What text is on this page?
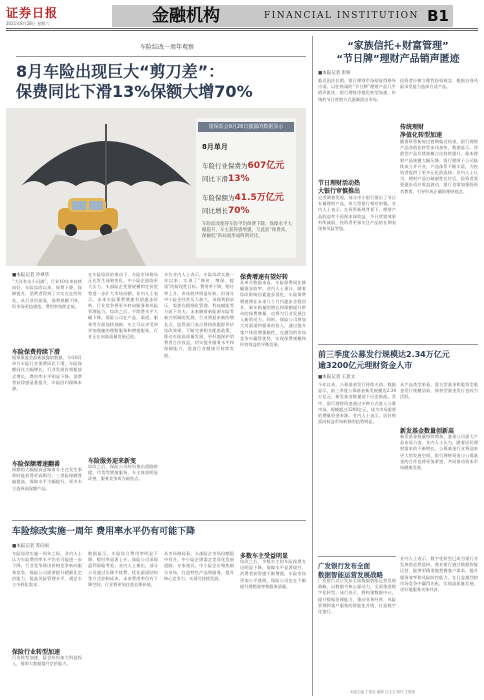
证券日报
2021年8月28日 星期六	金融机构	FINANCIAL INSTITUTION B1
车险综改一周年观察
8月车险出现巨大“剪刀差”：
保费同比下滑13%保额大增70%
银保监会9月26日披露的数据显示
8月单月
车险行业保费为607亿元
同比下滑13%
车险保额为41.5万亿元
同比增长70%
车险综改使得车险平均保费下降，保障水平大幅提升，车主获得感增强，与此前“保费高、保额低”的局面形成鲜明对比。
■本报记者 冷翠华
“大河有水小河满”。行业10年来持续向好，车险综改以来，保费下降、保障提升，消费者得到了实实在在的好处。从行业层面看，保费规模下降，但市场更趋规范，费用率持续走低。
车险保费持续下滑
据银保监会最新披露的数据，今年8月单月车险行业保费同比下滑，车险保额同比大幅增长。行业发展告别粗放式增长，费用率水平明显下降，消费者获得感显著提升，车险回归保障本源。
车险保额增速翻番
保额的大幅提高意味着车主在发生事故时能获得更高赔付。三者险保额普遍提高，保障水平大幅提升，更多车主选择高保额产品。
在车险综改的推动下，车险市场格局正在发生深刻变化。中小险企面临更大压力，头部险企凭借规模和定价优势进一步扩大市场份额。业内人士表示，未来车险保费增速有望逐步好转，行业竞争将更多转向服务和风险管理能力。综改之后，手续费水平大幅下降，保险公司在产品、渠道、服务等方面加快创新，车主可以享受到更加便捷的理赔服务和增值服务，行业正在向高质量发展迈进。
车险服务迎来新变
综改之后，保险公司纷纷推出道路救援、代驾等增值服务，车主体验明显改善，服务竞争成为新焦点。
多位业内人士表示，车险综改实施一年以来，实现了“降价、增保、提质”的阶段性目标。费用率下降，赔付率上升，市场秩序明显好转。但部分中小险企经营压力加大，承保利润承压，需要在精细化管理、科技赋能等方面下功夫。未来随着新能源车险等新兴领域的发展，行业将迎来新的增长点。监管部门表示将持续跟踪评估综改效果，不断完善相关配套政策，推动车险高质量发展，更好地保护消费者合法权益，切实提升服务水平和保障能力，促进行业健康可持续发展。
保费增速有望好转
从单月数据来看，车险保费同比降幅逐步收窄。业内人士预计，随着综改影响因素逐步消化，车险保费增速将在未来几个月内逐步企稳回升。新车销量的增长和保额提升带动的保费增量，也将为行业发展注入新的动力。同时，保险公司将加大对渠道和服务的投入，通过提升客户体验增强黏性，在激烈的市场竞争中赢得优势，实现保费规模和经营效益的平衡发展。
车险综改实施一周年 费用率水平仍有可能下降
■本报记者 苏向杲
车险综改实施一周年之际，业内人士认为车险费用率水平仍有可能进一步下降。行业竞争将由价格竞争转向服务竞争，保险公司需要提升精细化定价能力，提高风险管理水平，满足车主多样化需求。
保险行业转型加速
行业转型加速，险企纷纷加大科技投入，借助大数据提升定价能力。
数据显示，车险综合费用率明显下降，赔付率显著上升，保险公司承保盈利面临考验。业内人士指出，部分公司通过压降手续费、优化渠道结构等方式控制成本，未来费用率仍有下降空间，行业将更加注重长期价值。
从市场格局看，头部险企市场份额稳中有升，中小险企则需走差异化发展道路。专家建议，中小险企应聚焦细分市场，打造特色产品和服务，提升核心竞争力，实现可持续发展。
多数车主受益明显
综改之后，多数车主的车险保费支出明显下降，保障水平显著提升。消费者获得感不断增强，车险市场更加公平透明，保险公司也在不断提升理赔效率和服务质量。
“家族信托+财富管理”
“节日牌”理财产品销声匿迹
■本报记者 彭妍
临近国庆长假，银行理财市场却显得格外冷清。以往热闹的“节日牌”理财产品几乎销声匿迹，银行理财净值化转型加速，传统的节日营销方式逐渐淡出市场。
节日理财活动热
大银行审慎推出
记者调查发现，部分中小银行推出了节日专属理财产品，但大型银行相对审慎。业内人士表示，在资管新规背景下，理财产品收益率不再保本保收益，节日营销效果有所减弱，投资者更加关注产品的长期表现和风险等级。
投资者应树立理性投资观念，根据自身风险承受能力选择合适产品。
传统理财
净值化转型加速
随着资管新规过渡期临近结束，银行理财产品净值化转型步伐加快。数据显示，净值型产品存续规模占比持续提升，保本理财产品规模大幅压降。银行理财子公司陆续成立并开业，产品体系不断丰富，为投资者提供了更多元化的选择。业内人士认为，理财产品打破刚性兑付后，投资者需要逐步适应收益波动，银行也需加强投资者教育，引导形成正确的理财观念。
前三季度公募发行规模达2.34万亿元
逾3200亿元理财资金人市
■本报记者 王思文
今年以来，公募基金发行持续火热。数据显示，前三季度公募基金新发规模达2.34万亿元，新发基金数量创下历史新高。其中，银行理财资金通过多种方式进入公募市场，规模超过3200亿元，成为市场重要的增量资金来源。业内人士表示，居民财富向权益市场转移的趋势明显。
从产品类型来看，混合型基金和股票型基金发行规模居前，债券型基金发行也较为活跃。
新发基金数量创新高
新发基金数量持续增加，基金公司加大产品布局力度。业内人士认为，随着居民理财需求的不断增长，公募基金行业将迎来更大的发展空间，银行理财资金与公募基金的合作也将更加紧密，共同推动资本市场健康发展。
广发银行发布全面
数据智能运营发展战略
广发银行近日发布全面数据智能运营发展战略，以数据为核心驱动力，全面推进数字化转型。该行表示，将构建数据中台，提升数据治理能力，推动业务经营、风险管理和客户服务的智能化升级，打造数字化银行。
业内人士表示，数字化转型已成为银行业发展的必然选择。商业银行通过数据智能运营，能够更精准地把握客户需求，提升服务效率和风险防控能力，在日益激烈的市场竞争中赢得先机，实现高质量发展，更好地服务实体经济。
本版主编 于德良 编辑 白宝玉 制作 王敬涛
